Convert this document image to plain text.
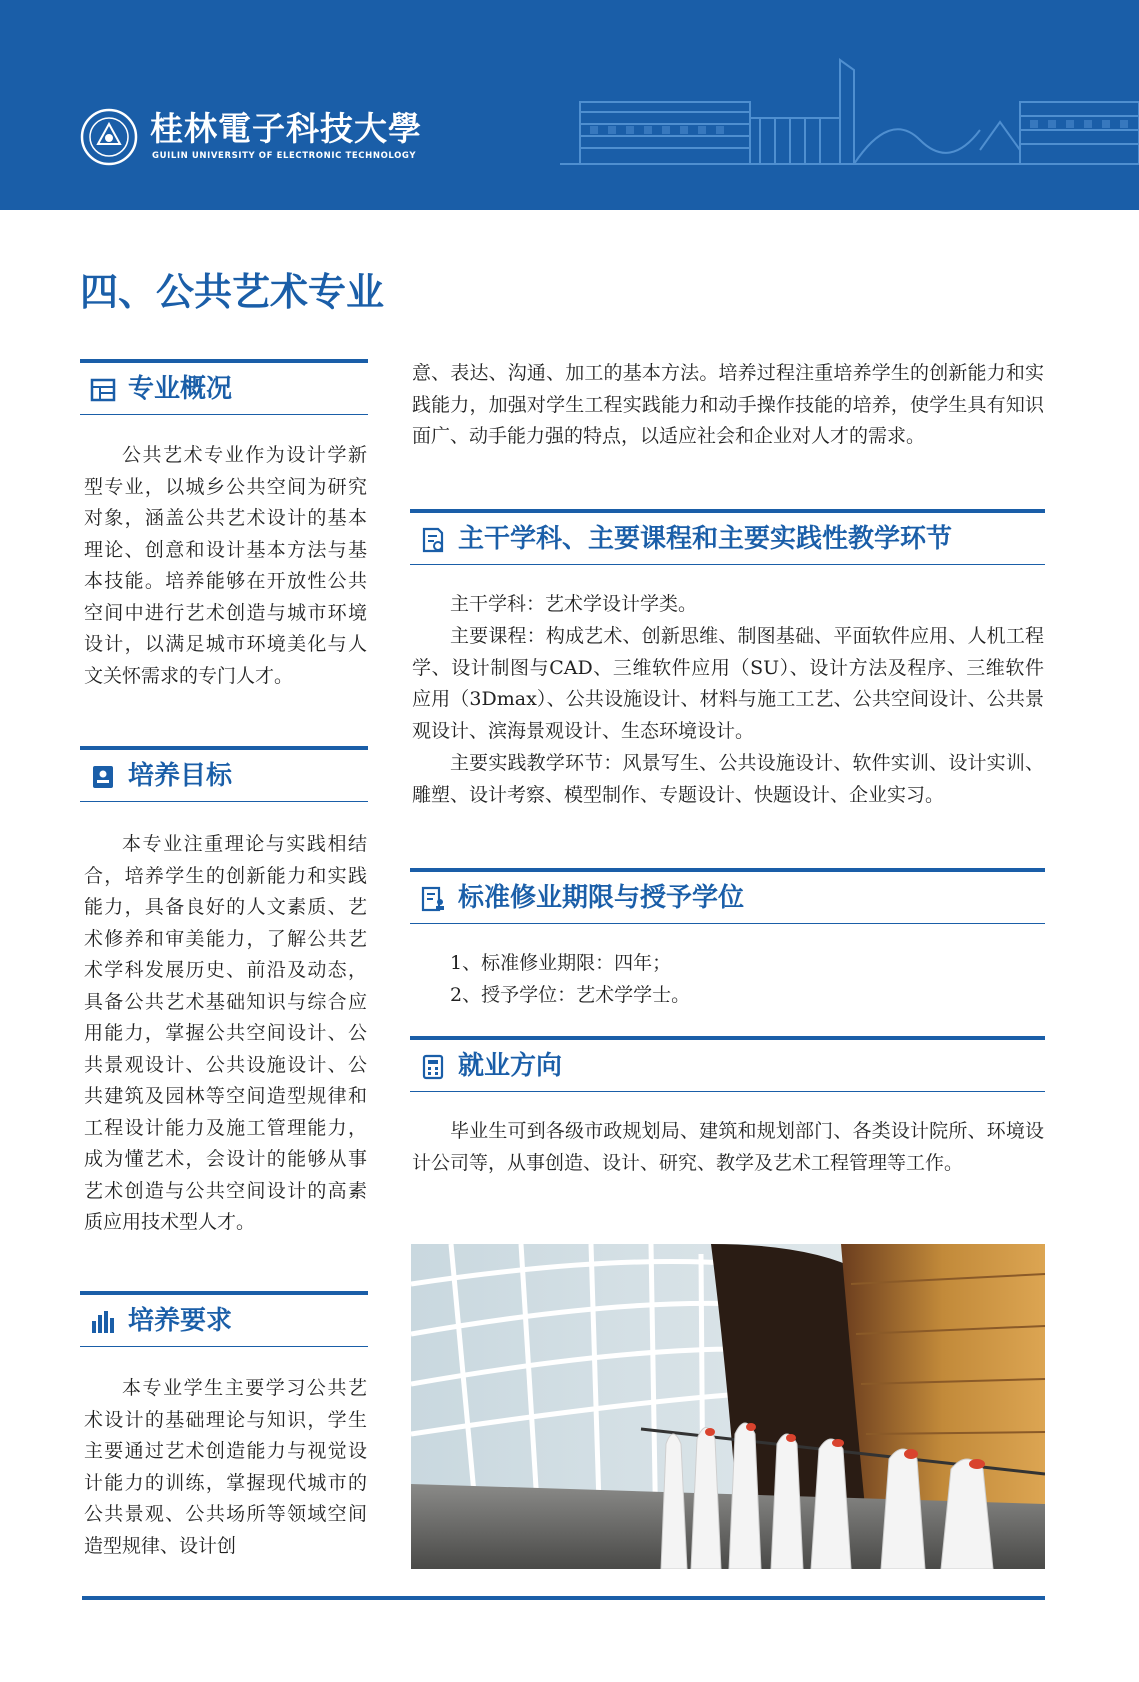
桂林電子科技大學
GUILIN UNIVERSITY OF ELECTRONIC TECHNOLOGY
四、公共艺术专业
专业概况

公共艺术专业作为设计学新型专业，以城乡公共空间为研究对象，涵盖公共艺术设计的基本理论、创意和设计基本方法与基本技能。培养能够在开放性公共空间中进行艺术创造与城市环境设计，以满足城市环境美化与人文关怀需求的专门人才。

培养目标

本专业注重理论与实践相结合，培养学生的创新能力和实践能力，具备良好的人文素质、艺术修养和审美能力，了解公共艺术学科发展历史、前沿及动态，具备公共艺术基础知识与综合应用能力，掌握公共空间设计、公共景观设计、公共设施设计、公共建筑及园林等空间造型规律和工程设计能力及施工管理能力，成为懂艺术，会设计的能够从事艺术创造与公共空间设计的高素质应用技术型人才。

培养要求

本专业学生主要学习公共艺术设计的基础理论与知识，学生主要通过艺术创造能力与视觉设计能力的训练，掌握现代城市的公共景观、公共场所等领域空间造型规律、设计创

意、表达、沟通、加工的基本方法。培养过程注重培养学生的创新能力和实践能力，加强对学生工程实践能力和动手操作技能的培养，使学生具有知识面广、动手能力强的特点，以适应社会和企业对人才的需求。

主干学科、主要课程和主要实践性教学环节

主干学科：艺术学设计学类。

主要课程：构成艺术、创新思维、制图基础、平面软件应用、人机工程学、设计制图与CAD、三维软件应用（SU）、设计方法及程序、三维软件应用（3Dmax）、公共设施设计、材料与施工工艺、公共空间设计、公共景观设计、滨海景观设计、生态环境设计。

主要实践教学环节：风景写生、公共设施设计、软件实训、设计实训、雕塑、设计考察、模型制作、专题设计、快题设计、企业实习。

标准修业期限与授予学位

1、标准修业期限：四年；

2、授予学位：艺术学学士。

就业方向

毕业生可到各级市政规划局、建筑和规划部门、各类设计院所、环境设计公司等，从事创造、设计、研究、教学及艺术工程管理等工作。
